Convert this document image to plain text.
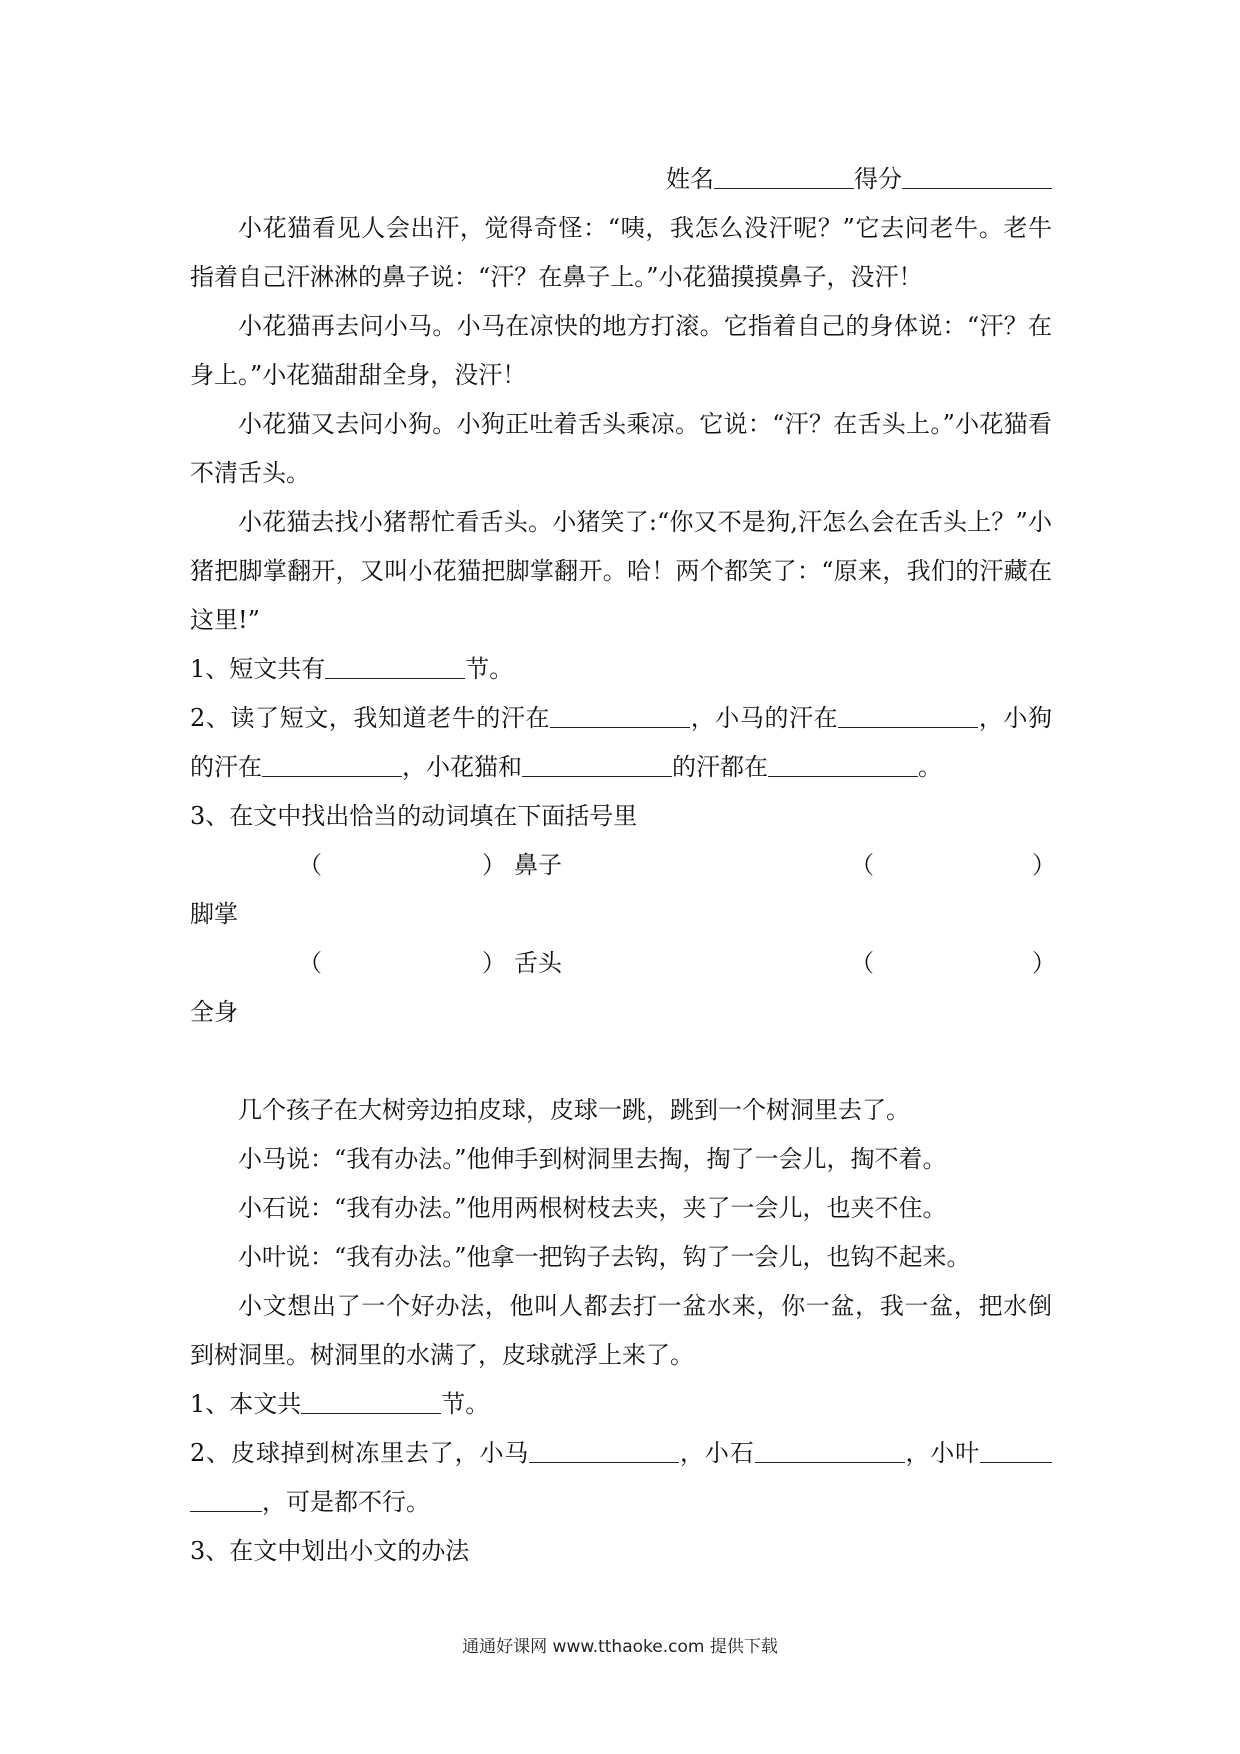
姓名	得分

小花猫看见人会出汗，觉得奇怪：“咦，我怎么没汗呢？”它去问老牛。老牛指着自己汗淋淋的鼻子说：“汗？在鼻子上。”小花猫摸摸鼻子，没汗！

小花猫再去问小马。小马在凉快的地方打滚。它指着自己的身体说：“汗？在身上。”小花猫甜甜全身，没汗！

小花猫又去问小狗。小狗正吐着舌头乘凉。它说：“汗？在舌头上。”小花猫看不清舌头。

小花猫去找小猪帮忙看舌头。小猪笑了:“你又不是狗,汗怎么会在舌头上？”小猪把脚掌翻开，又叫小花猫把脚掌翻开。哈！两个都笑了：“原来，我们的汗藏在这里!”

1、短文共有	节。

2、读了短文，我知道老牛的汗在	，小马的汗在	，小狗的汗在	，小花猫和	的汗都在	。

3、在文中找出恰当的动词填在下面括号里

（	） 鼻子	（	）

脚掌

（	） 舌头	（	）

全身

几个孩子在大树旁边拍皮球，皮球一跳，跳到一个树洞里去了。

小马说：“我有办法。”他伸手到树洞里去掏，掏了一会儿，掏不着。

小石说：“我有办法。”他用两根树枝去夹，夹了一会儿，也夹不住。

小叶说：“我有办法。”他拿一把钩子去钩，钩了一会儿，也钩不起来。

小文想出了一个好办法，他叫人都去打一盆水来，你一盆，我一盆，把水倒到树洞里。树洞里的水满了，皮球就浮上来了。

1、本文共	节。

2、皮球掉到树冻里去了，小马	，小石	，小叶，可是都不行。

3、在文中划出小文的办法

通通好课网 www.tthaoke.com 提供下载
